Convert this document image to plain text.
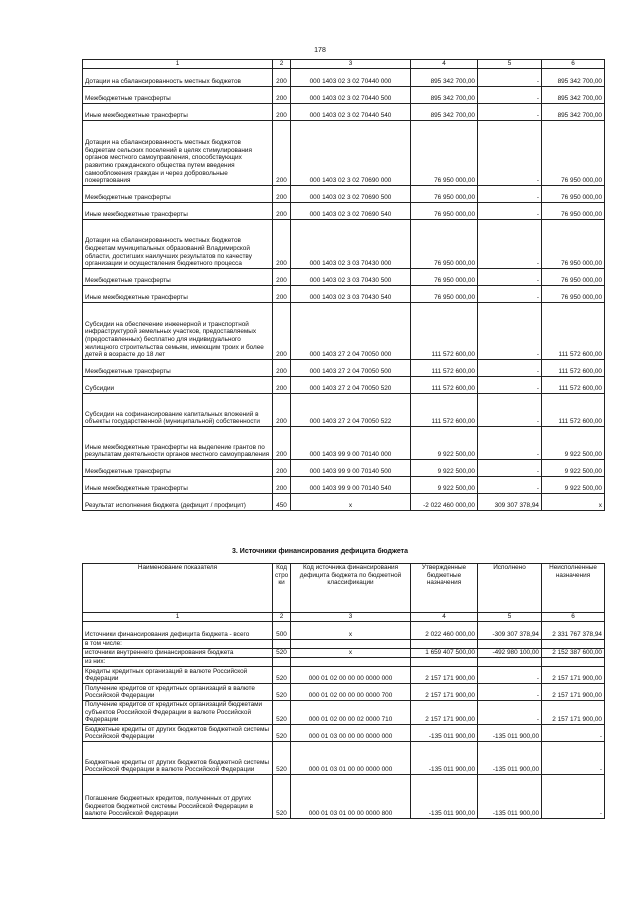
178
1	2	3	4	5	6
Дотации на сбалансированность местных бюджетов	200	000 1403 02 3 02 70440 000	895 342 700,00	-	895 342 700,00
Межбюджетные трансферты	200	000 1403 02 3 02 70440 500	895 342 700,00	-	895 342 700,00
Иные межбюджетные трансферты	200	000 1403 02 3 02 70440 540	895 342 700,00	-	895 342 700,00
Дотации на сбалансированность местных бюджетов бюджетам сельских поселений в целях стимулирования органов местного самоуправления, способствующих развитию гражданского общества путем введения самообложения граждан и через добровольные пожертвования	200	000 1403 02 3 02 70690 000	76 950 000,00	-	76 950 000,00
Межбюджетные трансферты	200	000 1403 02 3 02 70690 500	76 950 000,00	-	76 950 000,00
Иные межбюджетные трансферты	200	000 1403 02 3 02 70690 540	76 950 000,00	-	76 950 000,00
Дотации на сбалансированность местных бюджетов бюджетам муниципальных образований Владимирской области, достигших наилучших результатов по качеству организации и осуществления бюджетного процесса	200	000 1403 02 3 03 70430 000	76 950 000,00	-	76 950 000,00
Межбюджетные трансферты	200	000 1403 02 3 03 70430 500	76 950 000,00	-	76 950 000,00
Иные межбюджетные трансферты	200	000 1403 02 3 03 70430 540	76 950 000,00	-	76 950 000,00
Субсидии на обеспечение инженерной и транспортной инфраструктурой земельных участков, предоставляемых (предоставленных) бесплатно для индивидуального жилищного строительства семьям, имеющим троих и более детей в возрасте до 18 лет	200	000 1403 27 2 04 70050 000	111 572 600,00	-	111 572 600,00
Межбюджетные трансферты	200	000 1403 27 2 04 70050 500	111 572 600,00	-	111 572 600,00
Субсидии	200	000 1403 27 2 04 70050 520	111 572 600,00	-	111 572 600,00
Субсидии на софинансирование капитальных вложений в объекты государственной (муниципальной) собственности	200	000 1403 27 2 04 70050 522	111 572 600,00	-	111 572 600,00
Иные межбюджетные трансферты на выделение грантов по результатам деятельности органов местного самоуправления	200	000 1403 99 9 00 70140 000	9 922 500,00	-	9 922 500,00
Межбюджетные трансферты	200	000 1403 99 9 00 70140 500	9 922 500,00	-	9 922 500,00
Иные межбюджетные трансферты	200	000 1403 99 9 00 70140 540	9 922 500,00	-	9 922 500,00
Результат исполнения бюджета (дефицит / профицит)	450	x	-2 022 460 000,00	309 307 378,94	x
3. Источники финансирования дефицита бюджета
Наименование показателя	Код стро ки	Код источника финансирования дефицита бюджета по бюджетной классификации	Утвержденные бюджетные назначения	Исполнено	Неисполненные назначения
1	2	3	4	5	6
Источники финансирования дефицита бюджета - всего	500	x	2 022 460 000,00	-309 307 378,94	2 331 767 378,94
в том числе:					
источники внутреннего финансирования бюджета	520	x	1 659 407 500,00	-492 980 100,00	2 152 387 600,00
из них:					
Кредиты кредитных организаций в валюте Российской Федерации	520	000 01 02 00 00 00 0000 000	2 157 171 900,00	-	2 157 171 900,00
Получение кредитов от кредитных организаций в валюте Российской Федерации	520	000 01 02 00 00 00 0000 700	2 157 171 900,00	-	2 157 171 900,00
Получение кредитов от кредитных организаций бюджетами субъектов Российской Федерации в валюте Российской Федерации	520	000 01 02 00 00 02 0000 710	2 157 171 900,00	-	2 157 171 900,00
Бюджетные кредиты от других бюджетов бюджетной системы Российской Федерации	520	000 01 03 00 00 00 0000 000	-135 011 900,00	-135 011 900,00	-
Бюджетные кредиты от других бюджетов бюджетной системы Российской Федерации в валюте Российской Федерации	520	000 01 03 01 00 00 0000 000	-135 011 900,00	-135 011 900,00	-
Погашение бюджетных кредитов, полученных от других бюджетов бюджетной системы Российской Федерации в валюте Российской Федерации	520	000 01 03 01 00 00 0000 800	-135 011 900,00	-135 011 900,00	-
